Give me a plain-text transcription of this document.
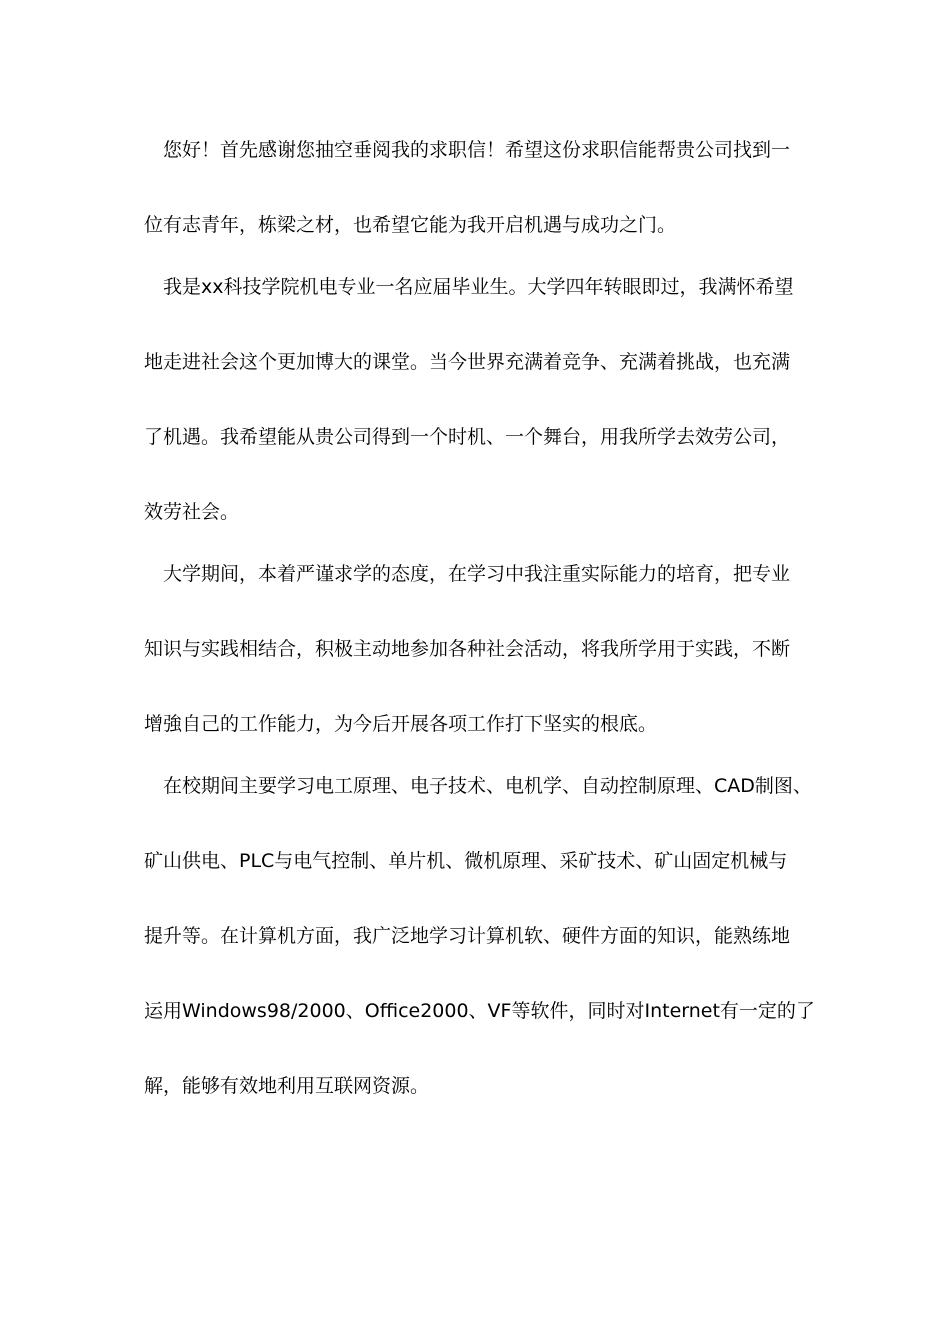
您好！首先感谢您抽空垂阅我的求职信！希望这份求职信能帮贵公司找到一
位有志青年，栋梁之材，也希望它能为我开启机遇与成功之门。
我是xx科技学院机电专业一名应届毕业生。大学四年转眼即过，我满怀希望
地走进社会这个更加博大的课堂。当今世界充满着竞争、充满着挑战，也充满
了机遇。我希望能从贵公司得到一个时机、一个舞台，用我所学去效劳公司，
效劳社会。
大学期间，本着严谨求学的态度，在学习中我注重实际能力的培育，把专业
知识与实践相结合，积极主动地参加各种社会活动，将我所学用于实践，不断
增強自己的工作能力，为今后开展各项工作打下坚实的根底。
在校期间主要学习电工原理、电子技术、电机学、自动控制原理、CAD制图、
矿山供电、PLC与电气控制、单片机、微机原理、采矿技术、矿山固定机械与
提升等。在计算机方面，我广泛地学习计算机软、硬件方面的知识，能熟练地
运用Windows98/2000、Office2000、VF等软件，同时对Internet有一定的了
解，能够有效地利用互联网资源。
